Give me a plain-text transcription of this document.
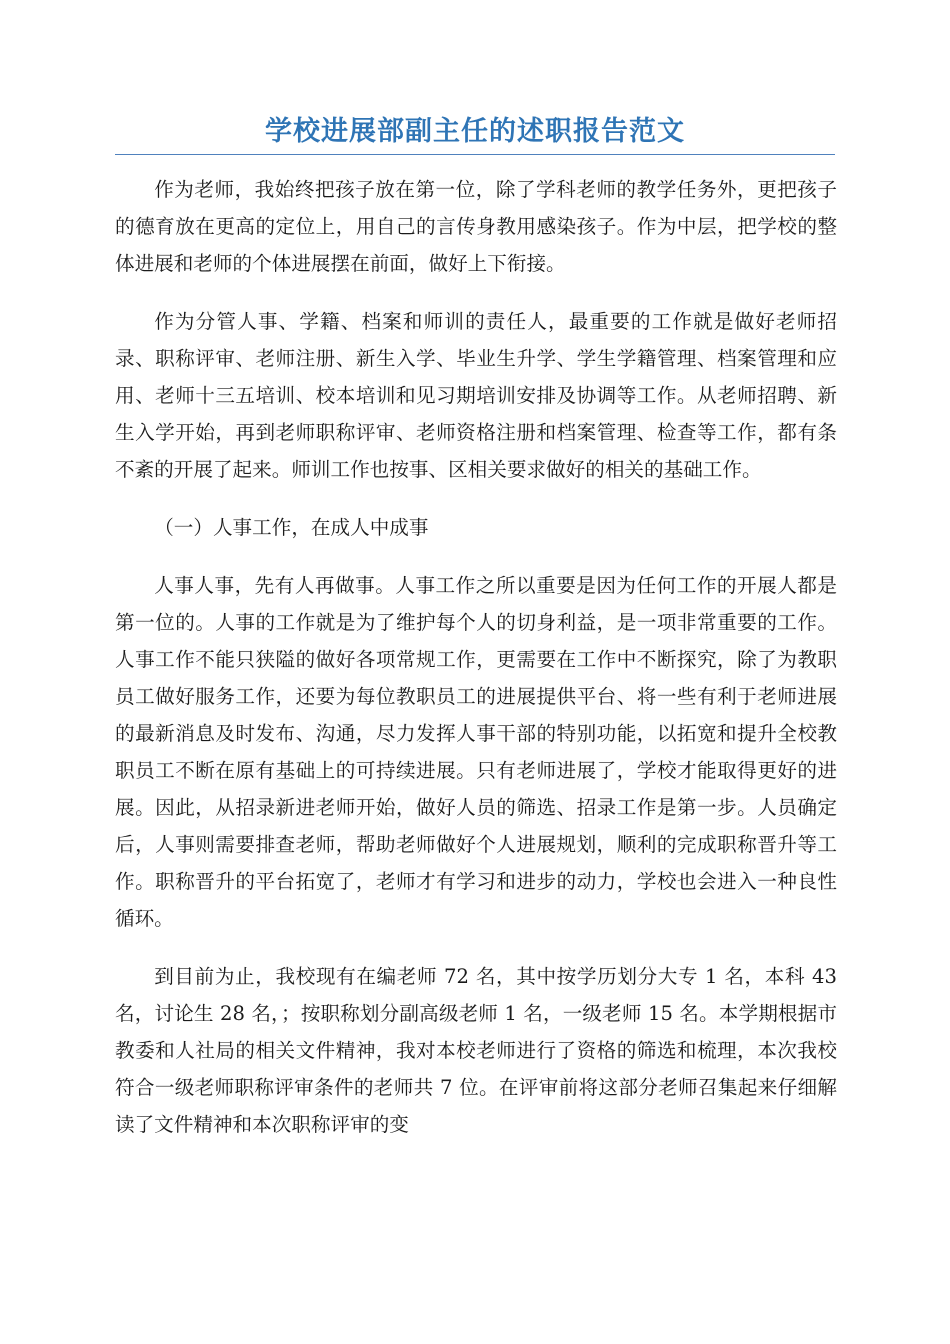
学校进展部副主任的述职报告范文

作为老师，我始终把孩子放在第一位，除了学科老师的教学任务外，更把孩子的德育放在更高的定位上，用自己的言传身教用感染孩子。作为中层，把学校的整体进展和老师的个体进展摆在前面，做好上下衔接。

作为分管人事、学籍、档案和师训的责任人，最重要的工作就是做好老师招录、职称评审、老师注册、新生入学、毕业生升学、学生学籍管理、档案管理和应用、老师十三五培训、校本培训和见习期培训安排及协调等工作。从老师招聘、新生入学开始，再到老师职称评审、老师资格注册和档案管理、检查等工作，都有条不紊的开展了起来。师训工作也按事、区相关要求做好的相关的基础工作。

（一）人事工作，在成人中成事

人事人事，先有人再做事。人事工作之所以重要是因为任何工作的开展人都是第一位的。人事的工作就是为了维护每个人的切身利益，是一项非常重要的工作。人事工作不能只狭隘的做好各项常规工作，更需要在工作中不断探究，除了为教职员工做好服务工作，还要为每位教职员工的进展提供平台、将一些有利于老师进展的最新消息及时发布、沟通，尽力发挥人事干部的特别功能，以拓宽和提升全校教职员工不断在原有基础上的可持续进展。只有老师进展了，学校才能取得更好的进展。因此，从招录新进老师开始，做好人员的筛选、招录工作是第一步。人员确定后，人事则需要排查老师，帮助老师做好个人进展规划，顺利的完成职称晋升等工作。职称晋升的平台拓宽了，老师才有学习和进步的动力，学校也会进入一种良性循环。

到目前为止，我校现有在编老师 72 名，其中按学历划分大专 1 名，本科 43 名，讨论生 28 名，；按职称划分副高级老师 1 名，一级老师 15 名。本学期根据市教委和人社局的相关文件精神，我对本校老师进行了资格的筛选和梳理，本次我校符合一级老师职称评审条件的老师共 7 位。在评审前将这部分老师召集起来仔细解读了文件精神和本次职称评审的变
